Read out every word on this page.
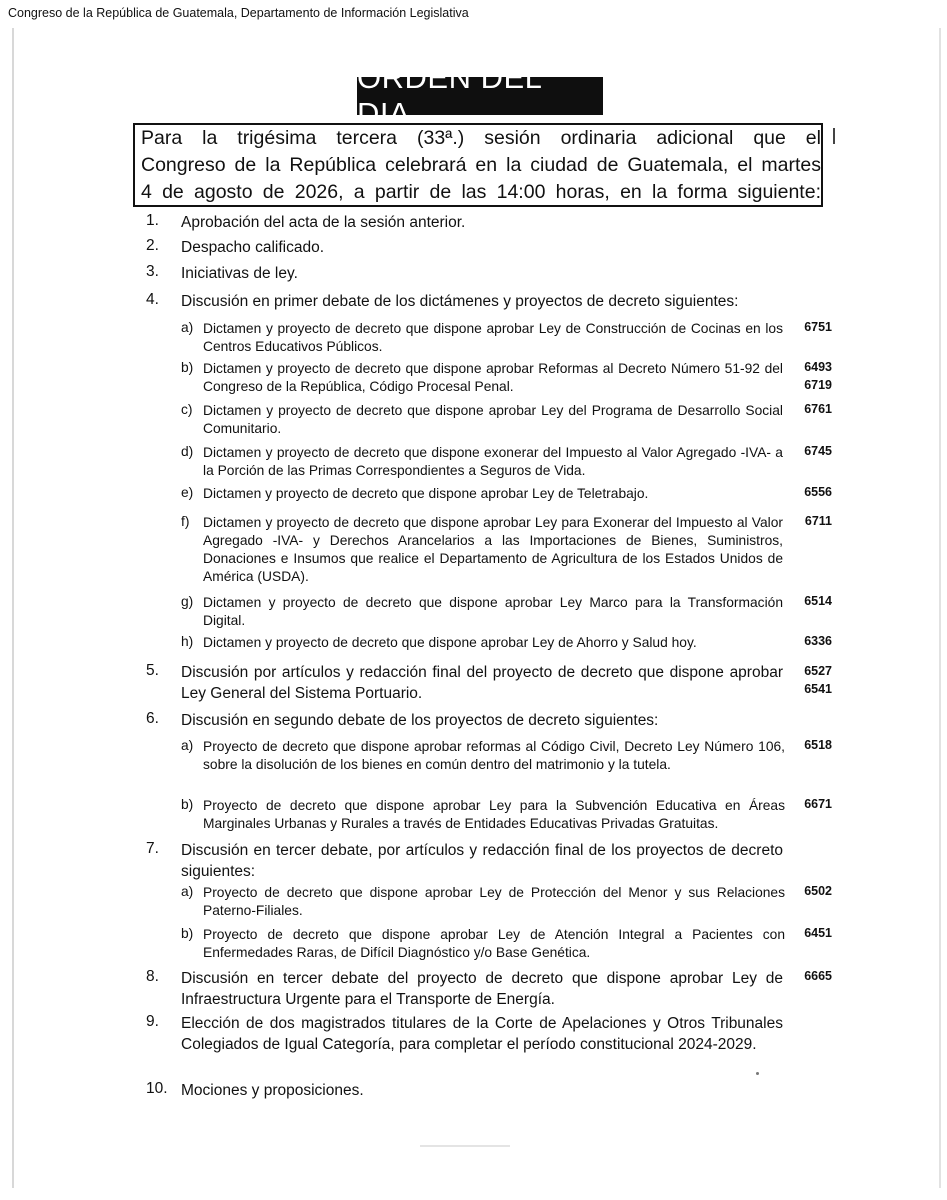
Congreso de la República de Guatemala, Departamento de Información Legislativa
ORDEN DEL DIA
Para la trigésima tercera (33ª.) sesión ordinaria adicional que el
Congreso de la República celebrará en la ciudad de Guatemala, el martes
4 de agosto de 2026, a partir de las 14:00 horas, en la forma siguiente:
1. Aprobación del acta de la sesión anterior.
2. Despacho calificado.
3. Iniciativas de ley.
4. Discusión en primer debate de los dictámenes y proyectos de decreto siguientes:
a) Dictamen y proyecto de decreto que dispone aprobar Ley de Construcción de Cocinas en los Centros Educativos Públicos.
6751
b) Dictamen y proyecto de decreto que dispone aprobar Reformas al Decreto Número 51-92 del Congreso de la República, Código Procesal Penal.
6493
6719
c) Dictamen y proyecto de decreto que dispone aprobar Ley del Programa de Desarrollo Social Comunitario.
6761
d) Dictamen y proyecto de decreto que dispone exonerar del Impuesto al Valor Agregado -IVA- a la Porción de las Primas Correspondientes a Seguros de Vida.
6745
e) Dictamen y proyecto de decreto que dispone aprobar Ley de Teletrabajo.	6556
f) Dictamen y proyecto de decreto que dispone aprobar Ley para Exonerar del Impuesto al Valor Agregado -IVA- y Derechos Arancelarios a las Importaciones de Bienes, Suministros, Donaciones e Insumos que realice el Departamento de Agricultura de los Estados Unidos de América (USDA).
6711
g) Dictamen y proyecto de decreto que dispone aprobar Ley Marco para la Transformación Digital.
6514
h) Dictamen y proyecto de decreto que dispone aprobar Ley de Ahorro y Salud hoy.	6336
5. Discusión por artículos y redacción final del proyecto de decreto que dispone aprobar Ley General del Sistema Portuario.
6527
6541
6. Discusión en segundo debate de los proyectos de decreto siguientes:
a) Proyecto de decreto que dispone aprobar reformas al Código Civil, Decreto Ley Número 106, sobre la disolución de los bienes en común dentro del matrimonio y la tutela.
6518
b) Proyecto de decreto que dispone aprobar Ley para la Subvención Educativa en Áreas Marginales Urbanas y Rurales a través de Entidades Educativas Privadas Gratuitas.
6671
7. Discusión en tercer debate, por artículos y redacción final de los proyectos de decreto siguientes:
a) Proyecto de decreto que dispone aprobar Ley de Protección del Menor y sus Relaciones Paterno-Filiales.
6502
b) Proyecto de decreto que dispone aprobar Ley de Atención Integral a Pacientes con Enfermedades Raras, de Difícil Diagnóstico y/o Base Genética.
6451
8. Discusión en tercer debate del proyecto de decreto que dispone aprobar Ley de Infraestructura Urgente para el Transporte de Energía.
6665
9. Elección de dos magistrados titulares de la Corte de Apelaciones y Otros Tribunales Colegiados de Igual Categoría, para completar el período constitucional 2024-2029.
10. Mociones y proposiciones.
